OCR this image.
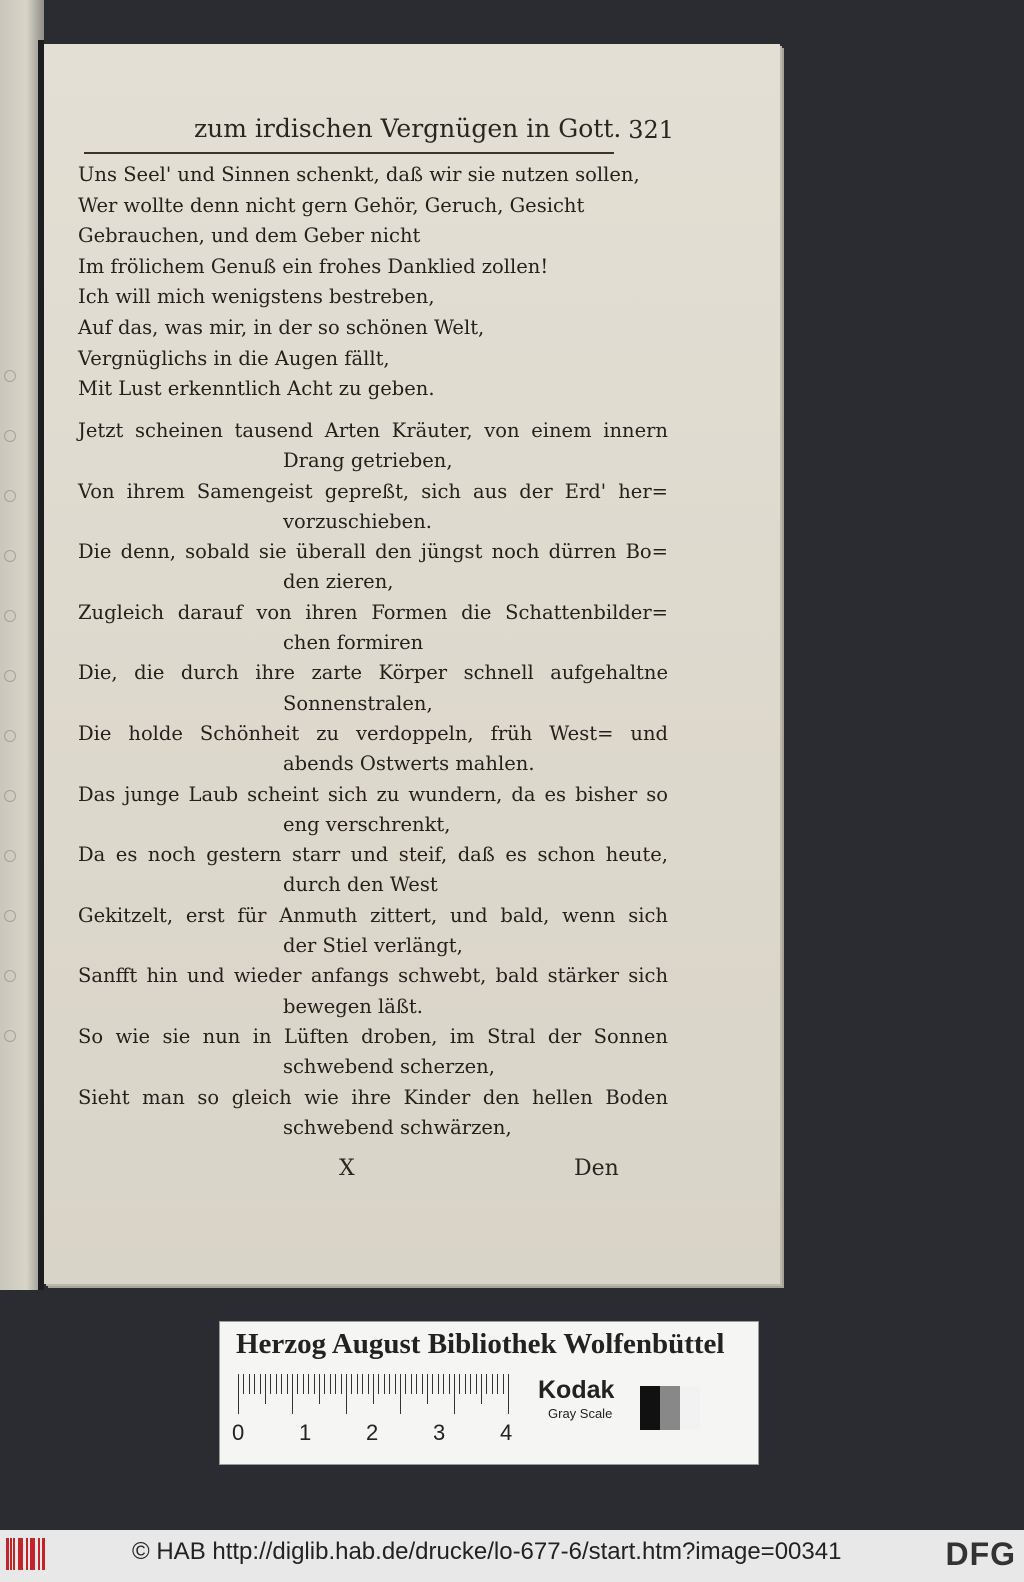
zum irdischen Vergnügen in Gott. 321
Uns Seel' und Sinnen schenkt, daß wir sie nutzen sollen,
Wer wollte denn nicht gern Gehör, Geruch, Gesicht
Gebrauchen, und dem Geber nicht
Im frölichem Genuß ein frohes Danklied zollen!
Ich will mich wenigstens bestreben,
Auf das, was mir, in der so schönen Welt,
Vergnüglichs in die Augen fällt,
Mit Lust erkenntlich Acht zu geben.
Jetzt scheinen tausend Arten Kräuter, von einem innern
Drang getrieben,
Von ihrem Samengeist gepreßt, sich aus der Erd' her=
vorzuschieben.
Die denn, sobald sie überall den jüngst noch dürren Bo=
den zieren,
Zugleich darauf von ihren Formen die Schattenbilder=
chen formiren
Die, die durch ihre zarte Körper schnell aufgehaltne
Sonnenstralen,
Die holde Schönheit zu verdoppeln, früh West= und
abends Ostwerts mahlen.
Das junge Laub scheint sich zu wundern, da es bisher so
eng verschrenkt,
Da es noch gestern starr und steif, daß es schon heute,
durch den West
Gekitzelt, erst für Anmuth zittert, und bald, wenn sich
der Stiel verlängt,
Sanfft hin und wieder anfangs schwebt, bald stärker sich
bewegen läßt.
So wie sie nun in Lüften droben, im Stral der Sonnen
schwebend scherzen,
Sieht man so gleich wie ihre Kinder den hellen Boden
schwebend schwärzen,
X	Den
Herzog August Bibliothek Wolfenbüttel
0 1 2 3 4
Kodak
Gray Scale
© HAB http://diglib.hab.de/drucke/lo-677-6/start.htm?image=00341	DFG
